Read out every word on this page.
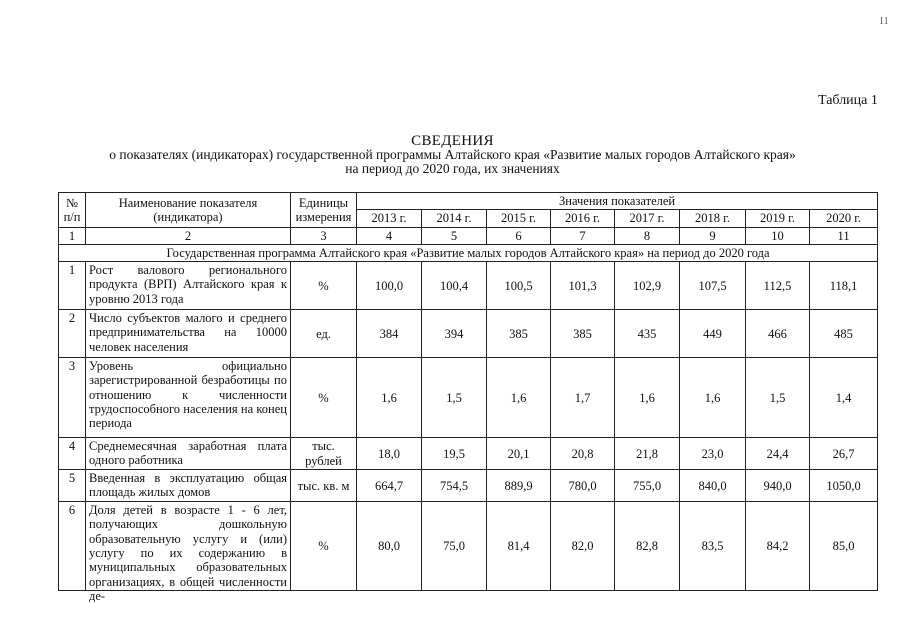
11
Таблица 1
СВЕДЕНИЯ
о показателях (индикаторах) государственной программы Алтайского края «Развитие малых городов Алтайского края»
на период до 2020 года, их значениях
№ п/п	Наименование показателя (индикатора)	Единицы измерения	Значения показателей							
			2013 г.	2014 г.	2015 г.	2016 г.	2017 г.	2018 г.	2019 г.	2020 г.
1	2	3	4	5	6	7	8	9	10	11
Государственная программа Алтайского края «Развитие малых городов Алтайского края» на период до 2020 года										
1	Рост валового регионального продукта (ВРП) Алтайского края к уровню 2013 года	%	100,0	100,4	100,5	101,3	102,9	107,5	112,5	118,1
2	Число субъектов малого и среднего предпринимательства на 10000 человек населения	ед.	384	394	385	385	435	449	466	485
3	Уровень официально зарегистрированной безработицы по отношению к численности трудоспособного населения на конец периода	%	1,6	1,5	1,6	1,7	1,6	1,6	1,5	1,4
4	Среднемесячная заработная плата одного работника	тыс. рублей	18,0	19,5	20,1	20,8	21,8	23,0	24,4	26,7
5	Введенная в эксплуатацию общая площадь жилых домов	тыс. кв. м	664,7	754,5	889,9	780,0	755,0	840,0	940,0	1050,0
6	Доля детей в возрасте 1 - 6 лет, получающих дошкольную образовательную услугу и (или) услугу по их содержанию в муниципальных образовательных организациях, в общей численности де-	%	80,0	75,0	81,4	82,0	82,8	83,5	84,2	85,0
